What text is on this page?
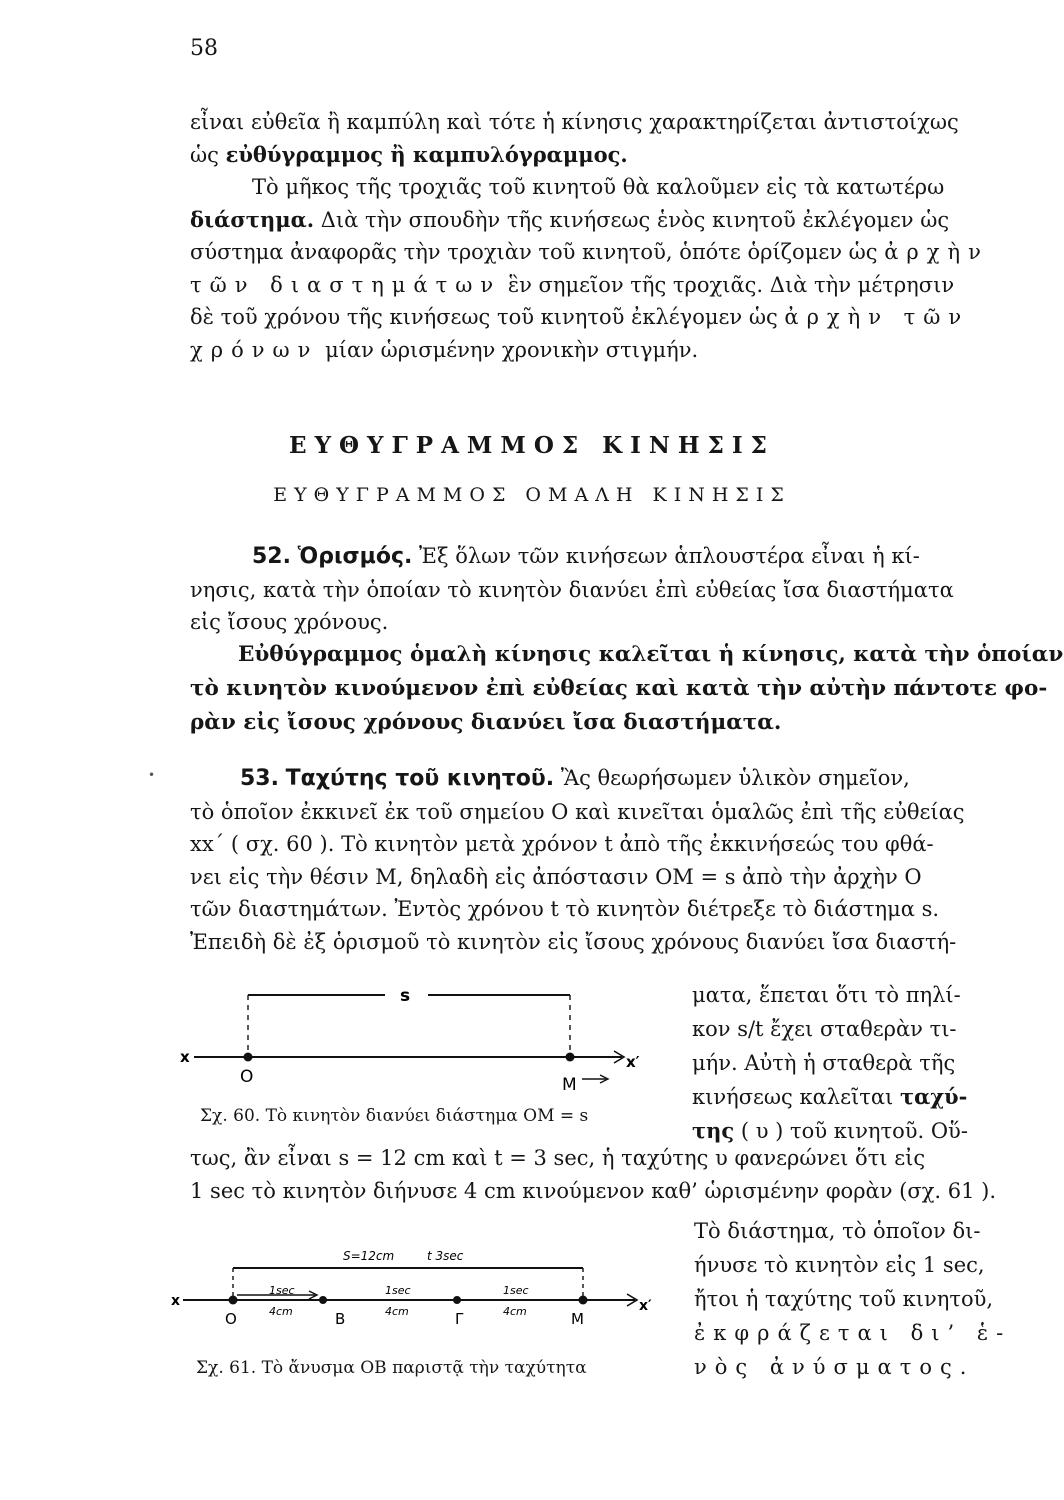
58
εἶναι εὐθεῖα ἢ καμπύλη καὶ τότε ἡ κίνησις χαρακτηρίζεται ἀντιστοίχως
ὡς εὐθύγραμμος ἢ καμπυλόγραμμος.
Τὸ μῆκος τῆς τροχιᾶς τοῦ κινητοῦ θὰ καλοῦμεν εἰς τὰ κατωτέρω
διάστημα. Διὰ τὴν σπουδὴν τῆς κινήσεως ἑνὸς κινητοῦ ἐκλέγομεν ὡς
σύστημα ἀναφορᾶς τὴν τροχιὰν τοῦ κινητοῦ, ὁπότε ὁρίζομεν ὡς ἀρχὴν
τῶν διαστημάτων ἓν σημεῖον τῆς τροχιᾶς. Διὰ τὴν μέτρησιν
δὲ τοῦ χρόνου τῆς κινήσεως τοῦ κινητοῦ ἐκλέγομεν ὡς ἀρχὴν τῶν
χρόνων μίαν ὡρισμένην χρονικὴν στιγμήν.
ΕΥΘΥΓΡΑΜΜΟΣ ΚΙΝΗΣΙΣ
ΕΥΘΥΓΡΑΜΜΟΣ ΟΜΑΛΗ ΚΙΝΗΣΙΣ
52. Ὁρισμός. Ἐξ ὅλων τῶν κινήσεων ἁπλουστέρα εἶναι ἡ κί-
νησις, κατὰ τὴν ὁποίαν τὸ κινητὸν διανύει ἐπὶ εὐθείας ἴσα διαστήματα
εἰς ἴσους χρόνους.
Εὐθύγραμμος ὁμαλὴ κίνησις καλεῖται ἡ κίνησις, κατὰ τὴν ὁποίαν
τὸ κινητὸν κινούμενον ἐπὶ εὐθείας καὶ κατὰ τὴν αὐτὴν πάντοτε φο-
ρὰν εἰς ἴσους χρόνους διανύει ἴσα διαστήματα.
•	53. Ταχύτης τοῦ κινητοῦ. Ἂς θεωρήσωμεν ὑλικὸν σημεῖον,
τὸ ὁποῖον ἐκκινεῖ ἐκ τοῦ σημείου O καὶ κινεῖται ὁμαλῶς ἐπὶ τῆς εὐθείας
xx΄ ( σχ. 60 ). Τὸ κινητὸν μετὰ χρόνον t ἀπὸ τῆς ἐκκινήσεώς του φθά-
νει εἰς τὴν θέσιν M, δηλαδὴ εἰς ἀπόστασιν OM = s ἀπὸ τὴν ἀρχὴν O
τῶν διαστημάτων. Ἐντὸς χρόνου t τὸ κινητὸν διέτρεξε τὸ διάστημα s.
Ἐπειδὴ δὲ ἐξ ὁρισμοῦ τὸ κινητὸν εἰς ἴσους χρόνους διανύει ἴσα διαστή-
ματα, ἕπεται ὅτι τὸ πηλί-
κον s/t ἔχει σταθερὰν τι-
μήν. Αὐτὴ ἡ σταθερὰ τῆς
κινήσεως καλεῖται ταχύ-
της ( υ ) τοῦ κινητοῦ. Οὕ-
s
x	x′
O	M
Σχ. 60. Τὸ κινητὸν διανύει διάστημα OM = s
τως, ἂν εἶναι s = 12 cm καὶ t = 3 sec, ἡ ταχύτης υ φανερώνει ὅτι εἰς
1 sec τὸ κινητὸν διήνυσε 4 cm κινούμενον καθ’ ὡρισμένην φορὰν (σχ. 61 ).
Τὸ διάστημα, τὸ ὁποῖον δι-
ήνυσε τὸ κινητὸν εἰς 1 sec,
ἤτοι ἡ ταχύτης τοῦ κινητοῦ,
ἐκφράζεται δι’ ἑ-
νὸς ἀνύσματος.
S=12cm	t 3sec
1sec	1sec	1sec
4cm	4cm	4cm
x	x′
O	B	Γ	M
Σχ. 61. Τὸ ἄνυσμα OB παριστᾷ τὴν ταχύτητα
